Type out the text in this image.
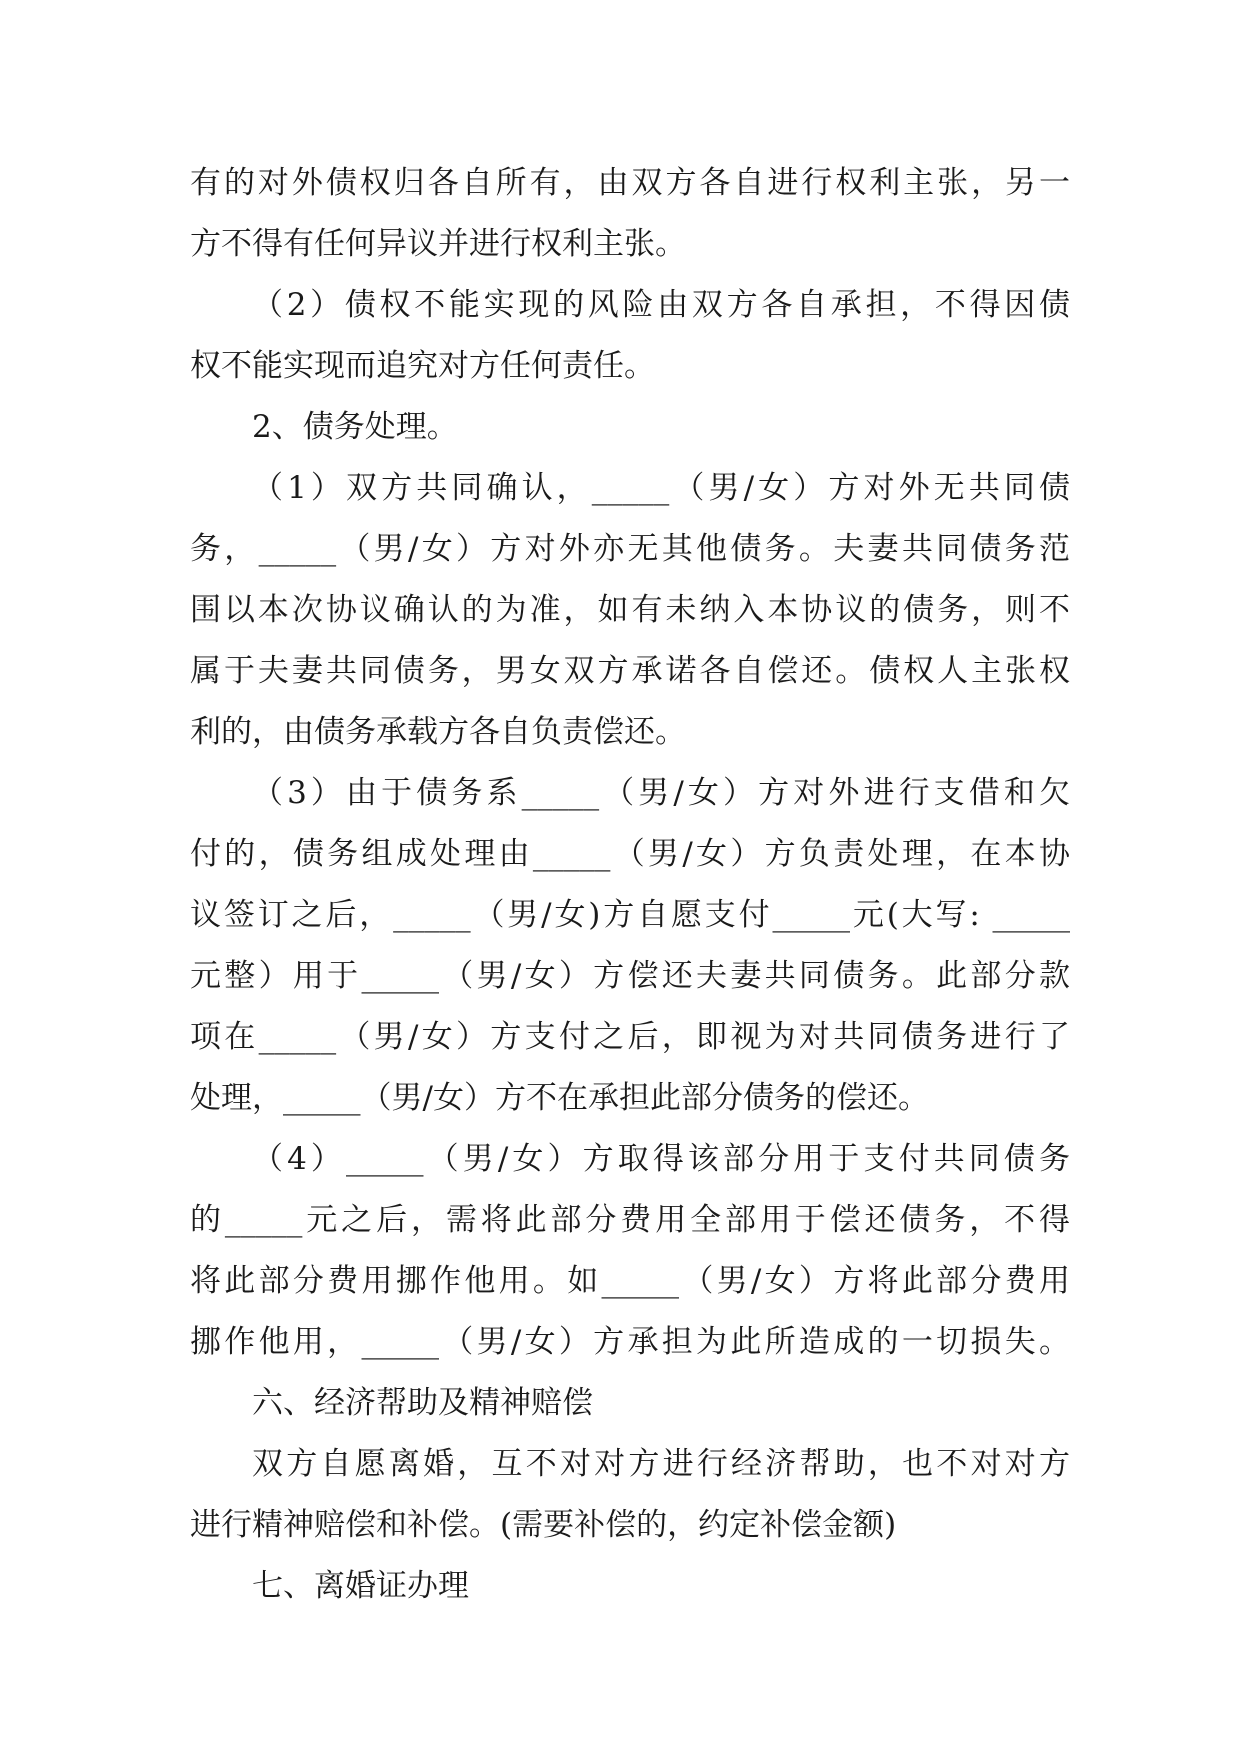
有的对外债权归各自所有，由双方各自进行权利主张，另一
方不得有任何异议并进行权利主张。
（2）债权不能实现的风险由双方各自承担，不得因债
权不能实现而追究对方任何责任。
2、债务处理。
（1）双方共同确认，_____（男/女）方对外无共同债
务，_____（男/女）方对外亦无其他债务。夫妻共同债务范
围以本次协议确认的为准，如有未纳入本协议的债务，则不
属于夫妻共同债务，男女双方承诺各自偿还。债权人主张权
利的，由债务承载方各自负责偿还。
（3）由于债务系_____（男/女）方对外进行支借和欠
付的，债务组成处理由_____（男/女）方负责处理，在本协
议签订之后，_____（男/女)方自愿支付_____元(大写: _____
元整）用于_____（男/女）方偿还夫妻共同债务。此部分款
项在_____（男/女）方支付之后，即视为对共同债务进行了
处理，_____（男/女）方不在承担此部分债务的偿还。
（4）_____（男/女）方取得该部分用于支付共同债务
的_____元之后，需将此部分费用全部用于偿还债务，不得
将此部分费用挪作他用。如_____（男/女）方将此部分费用
挪作他用，_____（男/女）方承担为此所造成的一切损失。
六、经济帮助及精神赔偿
双方自愿离婚，互不对对方进行经济帮助，也不对对方
进行精神赔偿和补偿。(需要补偿的，约定补偿金额)
七、离婚证办理
